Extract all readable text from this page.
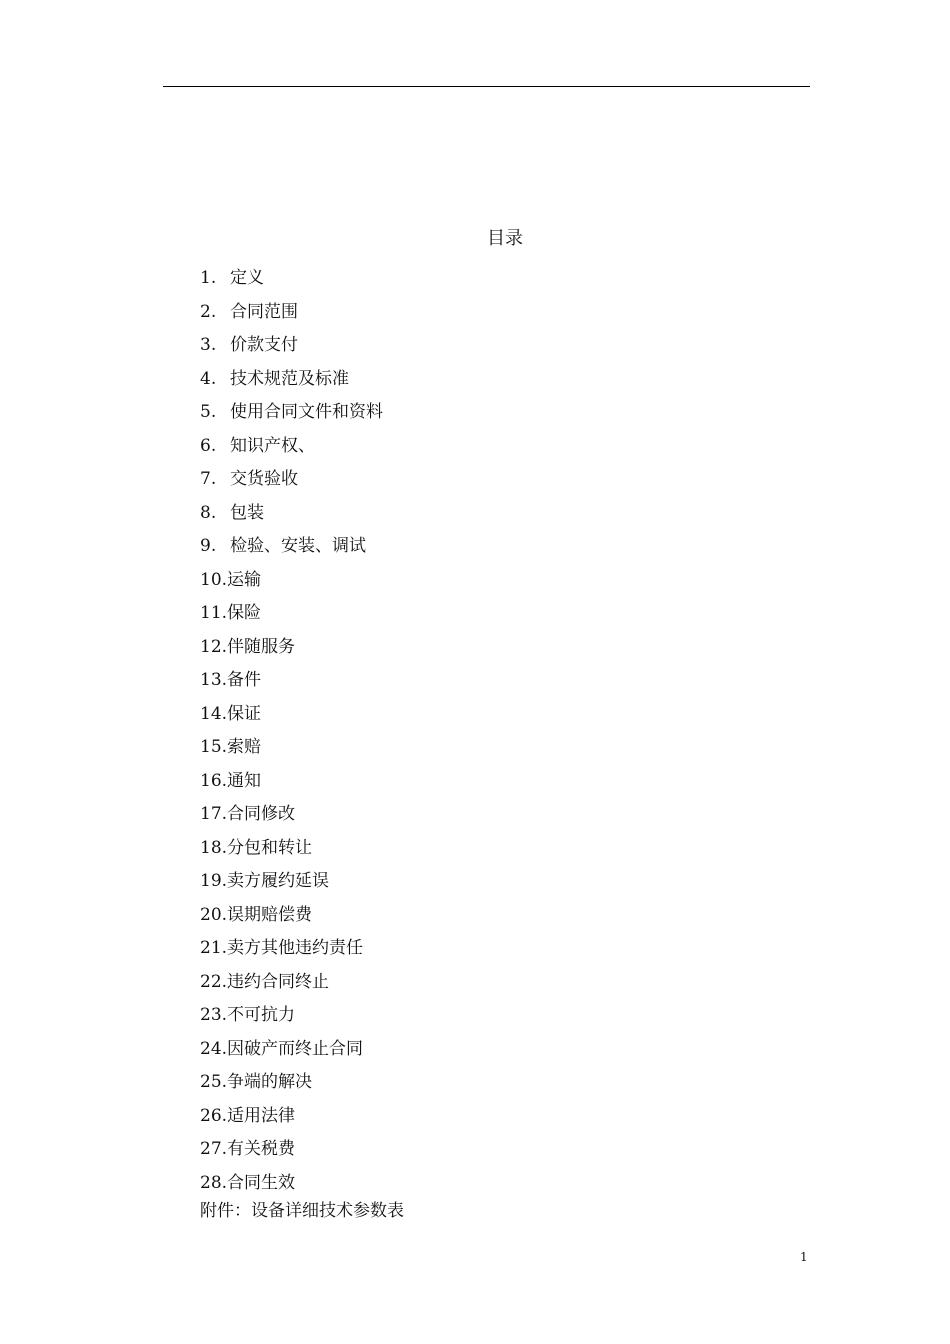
目录
1. 定义
2. 合同范围
3. 价款支付
4. 技术规范及标准
5. 使用合同文件和资料
6. 知识产权、
7. 交货验收
8. 包装
9. 检验、安装、调试
10.运输
11.保险
12.伴随服务
13.备件
14.保证
15.索赔
16.通知
17.合同修改
18.分包和转让
19.卖方履约延误
20.误期赔偿费
21.卖方其他违约责任
22.违约合同终止
23.不可抗力
24.因破产而终止合同
25.争端的解决
26.适用法律
27.有关税费
28.合同生效
附件：设备详细技术参数表
1
